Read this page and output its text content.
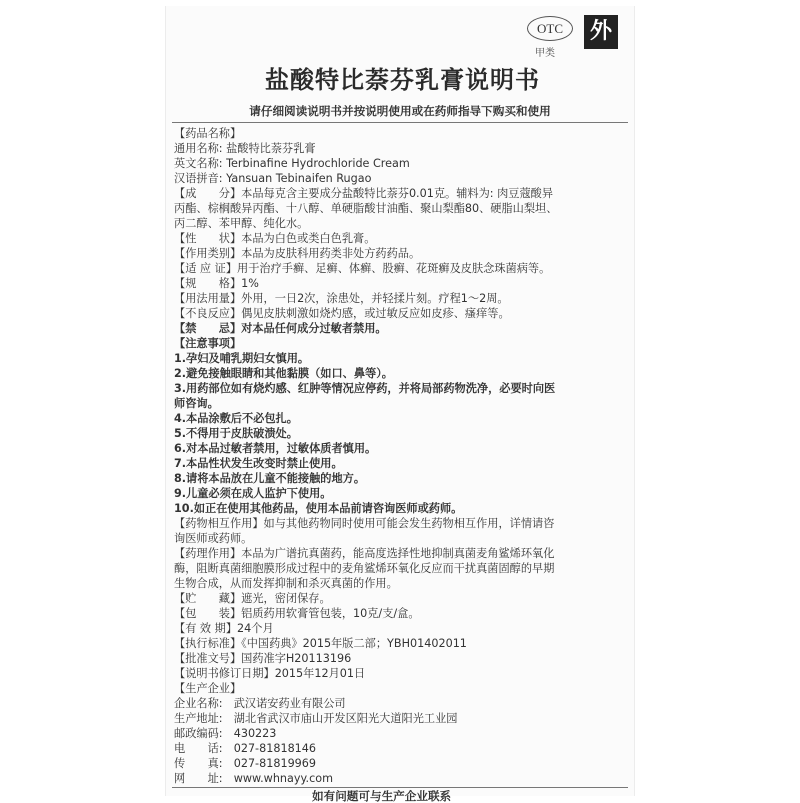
OTC
甲类
外
盐酸特比萘芬乳膏说明书
请仔细阅读说明书并按说明使用或在药师指导下购买和使用
【药品名称】
通用名称: 盐酸特比萘芬乳膏
英文名称: Terbinafine Hydrochloride Cream
汉语拼音: Yansuan Tebinaifen Rugao
【成　　分】本品每克含主要成分盐酸特比萘芬0.01克。辅料为: 肉豆蔻酸异
丙酯、棕榈酸异丙酯、十八醇、单硬脂酸甘油酯、聚山梨酯80、硬脂山梨坦、
丙二醇、苯甲醇、纯化水。
【性　　状】本品为白色或类白色乳膏。
【作用类别】本品为皮肤科用药类非处方药药品。
【适 应 证】用于治疗手癣、足癣、体癣、股癣、花斑癣及皮肤念珠菌病等。
【规　　格】1%
【用法用量】外用，一日2次，涂患处，并轻揉片刻。疗程1～2周。
【不良反应】偶见皮肤刺激如烧灼感，或过敏反应如皮疹、瘙痒等。
【禁　　忌】对本品任何成分过敏者禁用。
【注意事项】
1.孕妇及哺乳期妇女慎用。
2.避免接触眼睛和其他黏膜（如口、鼻等）。
3.用药部位如有烧灼感、红肿等情况应停药，并将局部药物洗净，必要时向医
师咨询。
4.本品涂敷后不必包扎。
5.不得用于皮肤破溃处。
6.对本品过敏者禁用，过敏体质者慎用。
7.本品性状发生改变时禁止使用。
8.请将本品放在儿童不能接触的地方。
9.儿童必须在成人监护下使用。
10.如正在使用其他药品，使用本品前请咨询医师或药师。
【药物相互作用】如与其他药物同时使用可能会发生药物相互作用，详情请咨
询医师或药师。
【药理作用】本品为广谱抗真菌药，能高度选择性地抑制真菌麦角鲨烯环氧化
酶，阻断真菌细胞膜形成过程中的麦角鲨烯环氧化反应而干扰真菌固醇的早期
生物合成，从而发挥抑制和杀灭真菌的作用。
【贮　　藏】遮光，密闭保存。
【包　　装】铝质药用软膏管包装，10克/支/盒。
【有 效 期】24个月
【执行标准】《中国药典》2015年版二部；YBH01402011
【批准文号】国药准字H20113196
【说明书修订日期】2015年12月01日
【生产企业】
企业名称:　武汉诺安药业有限公司
生产地址:　湖北省武汉市庙山开发区阳光大道阳光工业园
邮政编码:　430223
电　　话:　027-81818146
传　　真:　027-81819969
网　　址:　www.whnayy.com
如有问题可与生产企业联系
